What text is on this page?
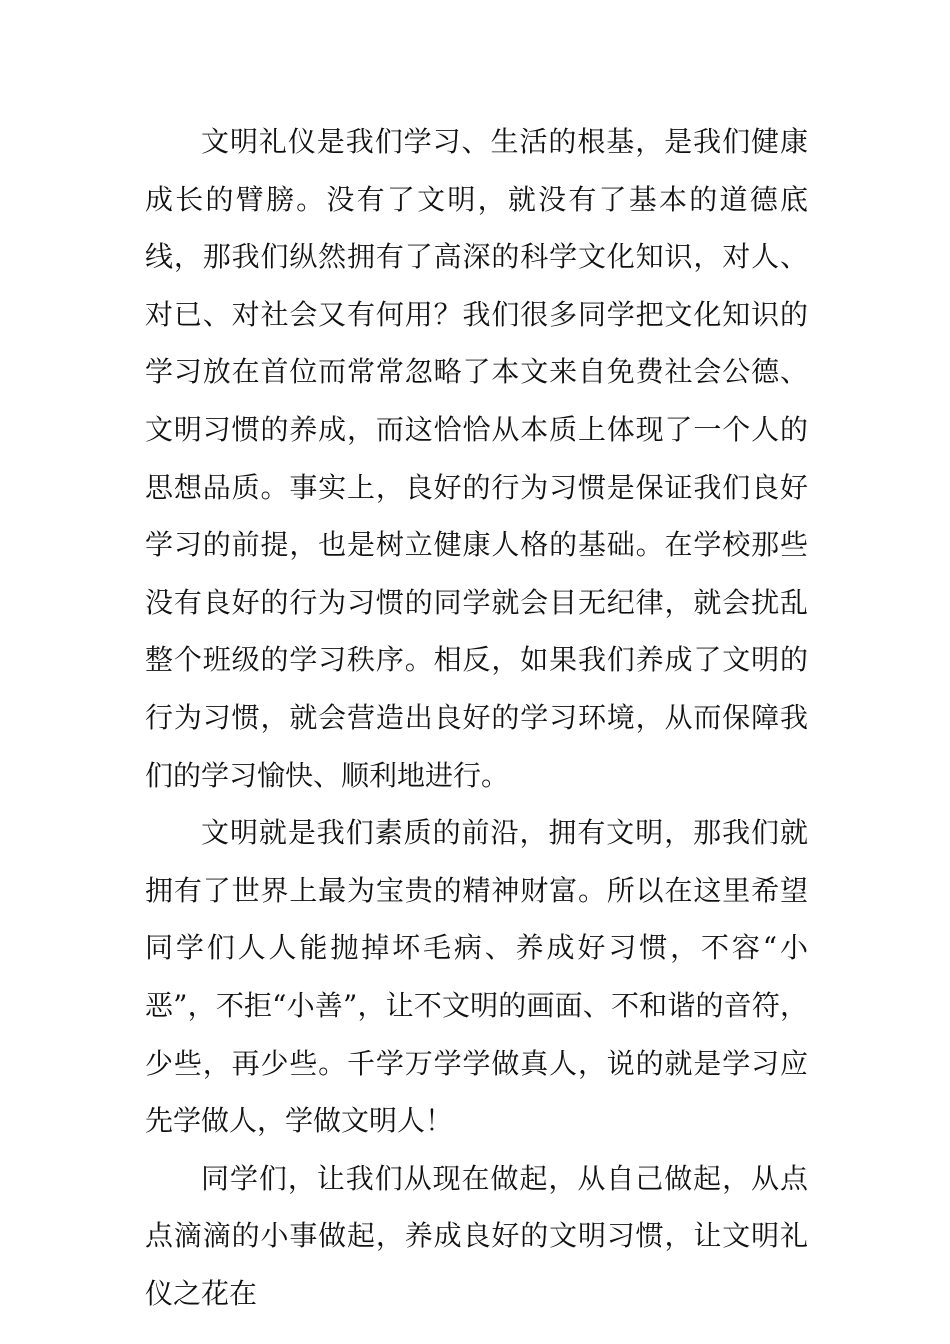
文明礼仪是我们学习、生活的根基，是我们健康成长的臂膀。没有了文明，就没有了基本的道德底线，那我们纵然拥有了高深的科学文化知识，对人、对已、对社会又有何用？我们很多同学把文化知识的学习放在首位而常常忽略了本文来自免费社会公德、文明习惯的养成，而这恰恰从本质上体现了一个人的思想品质。事实上，良好的行为习惯是保证我们良好学习的前提，也是树立健康人格的基础。在学校那些没有良好的行为习惯的同学就会目无纪律，就会扰乱整个班级的学习秩序。相反，如果我们养成了文明的行为习惯，就会营造出良好的学习环境，从而保障我们的学习愉快、顺利地进行。

文明就是我们素质的前沿，拥有文明，那我们就拥有了世界上最为宝贵的精神财富。所以在这里希望同学们人人能抛掉坏毛病、养成好习惯，不容“小恶”，不拒“小善”，让不文明的画面、不和谐的音符，少些，再少些。千学万学学做真人，说的就是学习应先学做人，学做文明人！

同学们，让我们从现在做起，从自己做起，从点点滴滴的小事做起，养成良好的文明习惯，让文明礼仪之花在
